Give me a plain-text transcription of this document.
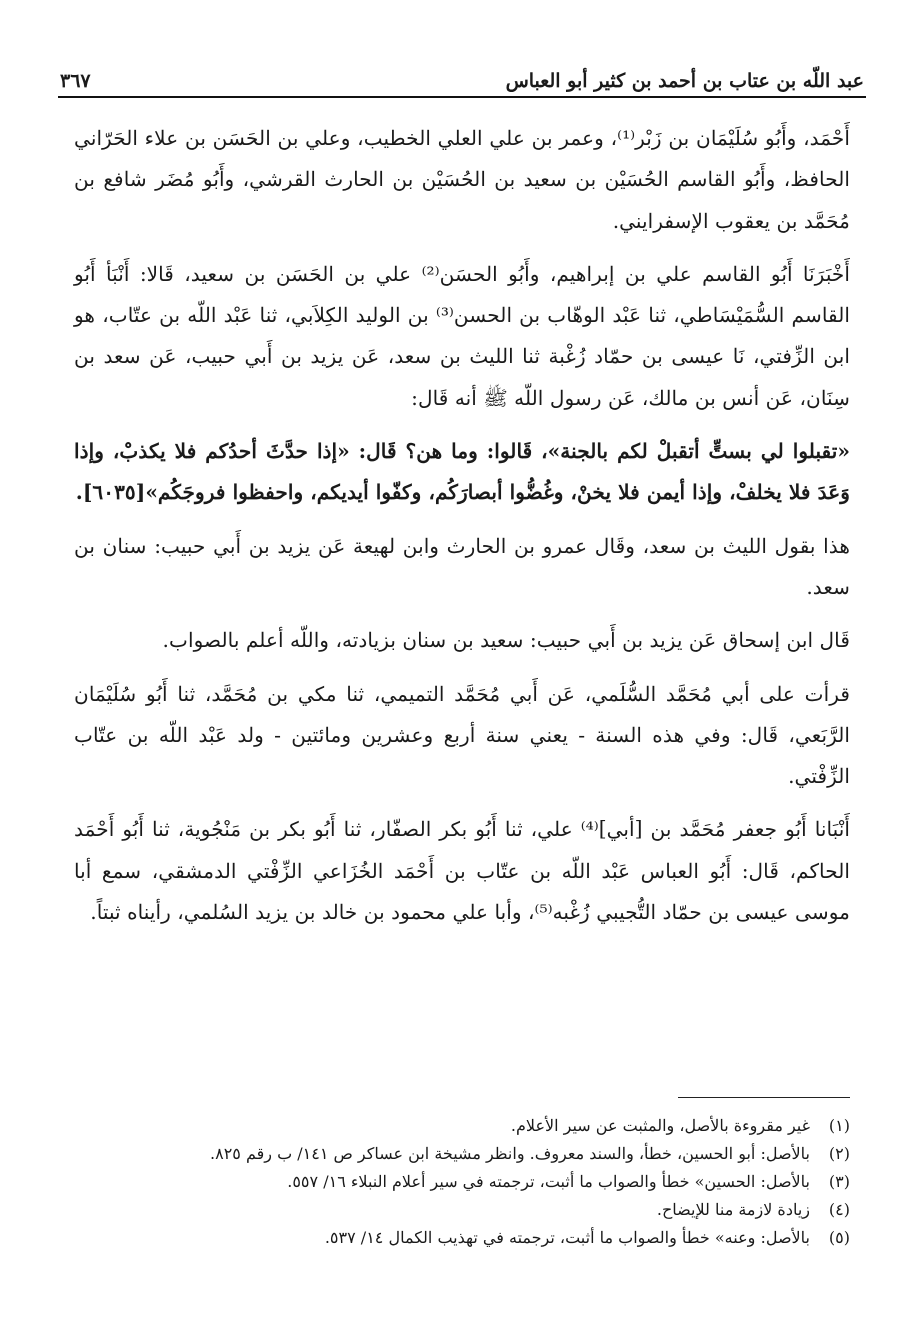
عبد اللّه بن عتاب بن أحمد بن كثير أبو العباس
٣٦٧

أَحْمَد، وأَبُو سُلَيْمَان بن زَبْر⁽¹⁾، وعمر بن علي العلي الخطيب، وعلي بن الحَسَن بن علاء الحَرّاني الحافظ، وأَبُو القاسم الحُسَيْن بن سعيد بن الحُسَيْن بن الحارث القرشي، وأَبُو مُضَر شافع بن مُحَمَّد بن يعقوب الإسفرايني.

أَخْبَرَنَا أَبُو القاسم علي بن إبراهيم، وأَبُو الحسَن⁽²⁾ علي بن الحَسَن بن سعيد، قَالا: أَنْبَأ أَبُو القاسم السُّمَيْسَاطي، ثنا عَبْد الوهّاب بن الحسن⁽³⁾ بن الوليد الكِلاَبي، ثنا عَبْد اللّه بن عتّاب، هو ابن الزِّفتي، نَا عيسى بن حمّاد زُغْبة ثنا الليث بن سعد، عَن يزيد بن أَبي حبيب، عَن سعد بن سِنَان، عَن أنس بن مالك، عَن رسول اللّه ﷺ أنه قَال:

«تقبلوا لي بستٍّ أتقبلْ لكم بالجنة»، قَالوا: وما هن؟ قَال: «إذا حدَّثَ أحدُكم فلا يكذبْ، وإذا وَعَدَ فلا يخلفْ، وإذا أيمن فلا يخنْ، وغُضُّوا أبصارَكُم، وكفّوا أيديكم، واحفظوا فروجَكُم»[٦٠٣٥].

هذا بقول الليث بن سعد، وقَال عمرو بن الحارث وابن لهيعة عَن يزيد بن أَبي حبيب: سنان بن سعد.

قَال ابن إسحاق عَن يزيد بن أَبي حبيب: سعيد بن سنان بزيادته، واللّه أعلم بالصواب.

قرأت على أبي مُحَمَّد السُّلَمي، عَن أَبي مُحَمَّد التميمي، ثنا مكي بن مُحَمَّد، ثنا أَبُو سُلَيْمَان الرَّبَعي، قَال: وفي هذه السنة - يعني سنة أربع وعشرين ومائتين - ولد عَبْد اللّه بن عتّاب الزِّفْتي.

أَنْبَانا أَبُو جعفر مُحَمَّد بن [أبي]⁽⁴⁾ علي، ثنا أَبُو بكر الصفّار، ثنا أَبُو بكر بن مَنْجُوية، ثنا أَبُو أَحْمَد الحاكم، قَال: أَبُو العباس عَبْد اللّه بن عتّاب بن أَحْمَد الخُزَاعي الزِّفْتي الدمشقي، سمع أبا موسى عيسى بن حمّاد التُّجيبي زُغْبه⁽⁵⁾، وأبا علي محمود بن خالد بن يزيد السُلمي، رأيناه ثبتاً.

(١)
غير مقروءة بالأصل، والمثبت عن سير الأعلام.
(٢)
بالأصل: أبو الحسين، خطأ، والسند معروف. وانظر مشيخة ابن عساكر ص ١٤١/ ب رقم ٨٢٥.
(٣)
بالأصل: الحسين» خطأ والصواب ما أثبت، ترجمته في سير أعلام النبلاء ١٦/ ٥٥٧.
(٤)
زيادة لازمة منا للإيضاح.
(٥)
بالأصل: وعنه» خطأ والصواب ما أثبت، ترجمته في تهذيب الكمال ١٤/ ٥٣٧.
